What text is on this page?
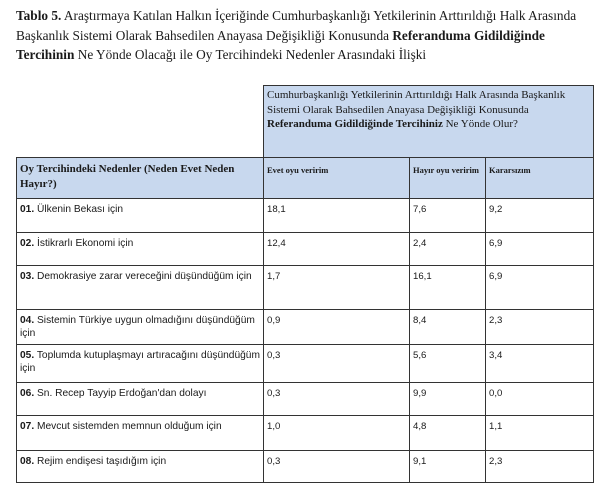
Tablo 5. Araştırmaya Katılan Halkın İçeriğinde Cumhurbaşkanlığı Yetkilerinin Arttırıldığı Halk Arasında Başkanlık Sistemi Olarak Bahsedilen Anayasa Değişikliği Konusunda Referanduma Gidildiğinde Tercihinin Ne Yönde Olacağı ile Oy Tercihindeki Nedenler Arasındaki İlişki
	Cumhurbaşkanlığı Yetkilerinin Arttırıldığı Halk Arasında Başkanlık Sistemi Olarak Bahsedilen Anayasa Değişikliği Konusunda Referanduma Gidildiğinde Tercihiniz Ne Yönde Olur?		
Oy Tercihindeki Nedenler (Neden Evet Neden Hayır?)	Evet oyu veririm	Hayır oyu veririm	Kararsızım
01. Ülkenin Bekası için	18,1	7,6	9,2
02. İstikrarlı Ekonomi için	12,4	2,4	6,9
03. Demokrasiye zarar vereceğini düşündüğüm için	1,7	16,1	6,9
04. Sistemin Türkiye uygun olmadığını düşündüğüm için	0,9	8,4	2,3
05. Toplumda kutuplaşmayı artıracağını düşündüğüm için	0,3	5,6	3,4
06. Sn. Recep Tayyip Erdoğan'dan dolayı	0,3	9,9	0,0
07. Mevcut sistemden memnun olduğum için	1,0	4,8	1,1
08. Rejim endişesi taşıdığım için	0,3	9,1	2,3
